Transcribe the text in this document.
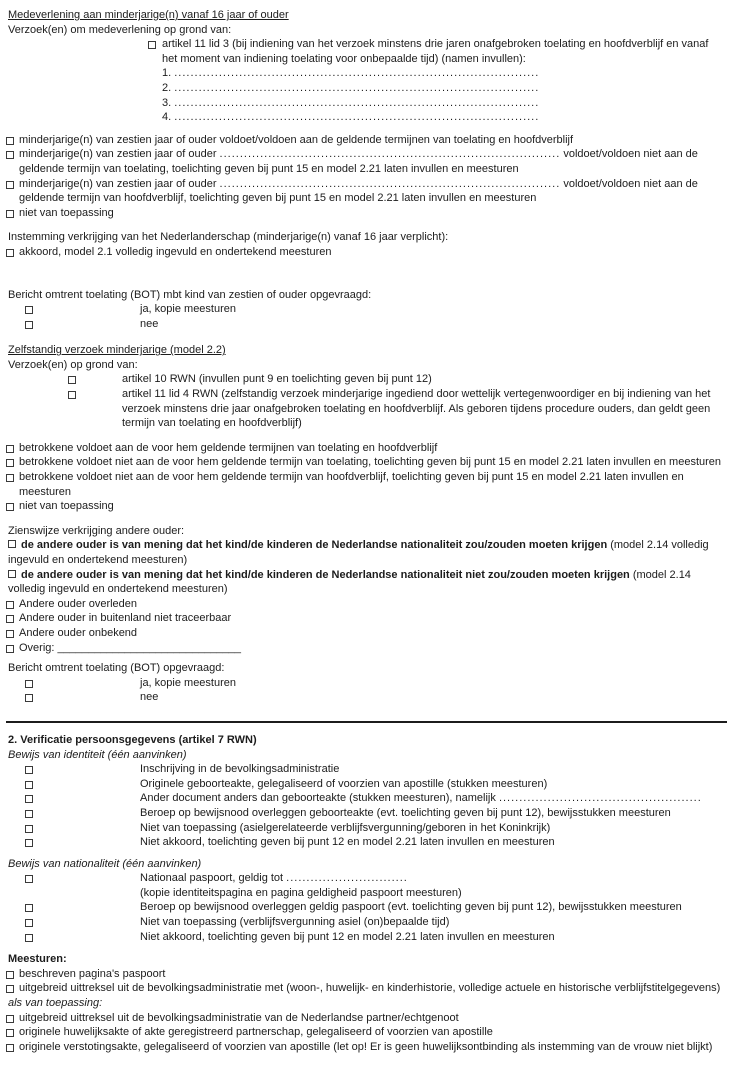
Medeverlening aan minderjarige(n) vanaf 16 jaar of ouder
Verzoek(en) om medeverlening op grond van:
artikel 11 lid 3 (bij indiening van het verzoek minstens drie jaren onafgebroken toelating en hoofdverblijf en vanaf het moment van indiening toelating voor onbepaalde tijd) (namen invullen):
1. ..........................................................................................
2. ..........................................................................................
3. ..........................................................................................
4. ..........................................................................................
minderjarige(n) van zestien jaar of ouder voldoet/voldoen aan de geldende termijnen van toelating en hoofdverblijf
minderjarige(n) van zestien jaar of ouder .................................................................................... voldoet/voldoen niet aan de geldende termijn van toelating, toelichting geven bij punt 15 en model 2.21 laten invullen en meesturen
minderjarige(n) van zestien jaar of ouder .................................................................................... voldoet/voldoen niet aan de geldende termijn van hoofdverblijf, toelichting geven bij punt 15 en model 2.21 laten invullen en meesturen
niet van toepassing
Instemming verkrijging van het Nederlanderschap (minderjarige(n) vanaf 16 jaar verplicht):
akkoord, model 2.1 volledig ingevuld en ondertekend meesturen
Bericht omtrent toelating (BOT) mbt kind van zestien of ouder opgevraagd:
ja, kopie meesturen
nee
Zelfstandig verzoek minderjarige (model 2.2)
Verzoek(en) op grond van:
artikel 10 RWN (invullen punt 9 en toelichting geven bij punt 12)
artikel 11 lid 4 RWN (zelfstandig verzoek minderjarige ingediend door wettelijk vertegenwoordiger en bij indiening van het verzoek minstens drie jaar onafgebroken toelating en hoofdverblijf. Als geboren tijdens procedure ouders, dan geldt geen termijn van toelating en hoofdverblijf)
betrokkene voldoet aan de voor hem geldende termijnen van toelating en hoofdverblijf
betrokkene voldoet niet aan de voor hem geldende termijn van toelating, toelichting geven bij punt 15 en model 2.21 laten invullen en meesturen
betrokkene voldoet niet aan de voor hem geldende termijn van hoofdverblijf, toelichting geven bij punt 15 en model 2.21 laten invullen en meesturen
niet van toepassing
Zienswijze verkrijging andere ouder:
de andere ouder is van mening dat het kind/de kinderen de Nederlandse nationaliteit zou/zouden moeten krijgen (model 2.14 volledig ingevuld en ondertekend meesturen)
de andere ouder is van mening dat het kind/de kinderen de Nederlandse nationaliteit niet zou/zouden moeten krijgen (model 2.14 volledig ingevuld en ondertekend meesturen)
Andere ouder overleden
Andere ouder in buitenland niet traceerbaar
Andere ouder onbekend
Overig: ______________________________
Bericht omtrent toelating (BOT) opgevraagd:
ja, kopie meesturen
nee
2. Verificatie persoonsgegevens (artikel 7 RWN)
Bewijs van identiteit (één aanvinken)
Inschrijving in de bevolkingsadministratie
Originele geboorteakte, gelegaliseerd of voorzien van apostille (stukken meesturen)
Ander document anders dan geboorteakte (stukken meesturen), namelijk ..................................................
Beroep op bewijsnood overleggen geboorteakte (evt. toelichting geven bij punt 12), bewijsstukken meesturen
Niet van toepassing (asielgerelateerde verblijfsvergunning/geboren in het Koninkrijk)
Niet akkoord, toelichting geven bij punt 12 en model 2.21 laten invullen en meesturen
Bewijs van nationaliteit (één aanvinken)
Nationaal paspoort, geldig tot ..............................
(kopie identiteitspagina en pagina geldigheid paspoort meesturen)
Beroep op bewijsnood overleggen geldig paspoort (evt. toelichting geven bij punt 12), bewijsstukken meesturen
Niet van toepassing (verblijfsvergunning asiel (on)bepaalde tijd)
Niet akkoord, toelichting geven bij punt 12 en model 2.21 laten invullen en meesturen
Meesturen:
beschreven pagina's paspoort
uitgebreid uittreksel uit de bevolkingsadministratie met (woon-, huwelijk- en kinderhistorie, volledige actuele en historische verblijfstitelgegevens)
als van toepassing:
uitgebreid uittreksel uit de bevolkingsadministratie van de Nederlandse partner/echtgenoot
originele huwelijksakte of akte geregistreerd partnerschap, gelegaliseerd of voorzien van apostille
originele verstotingsakte, gelegaliseerd of voorzien van apostille (let op! Er is geen huwelijksontbinding als instemming van de vrouw niet blijkt)
